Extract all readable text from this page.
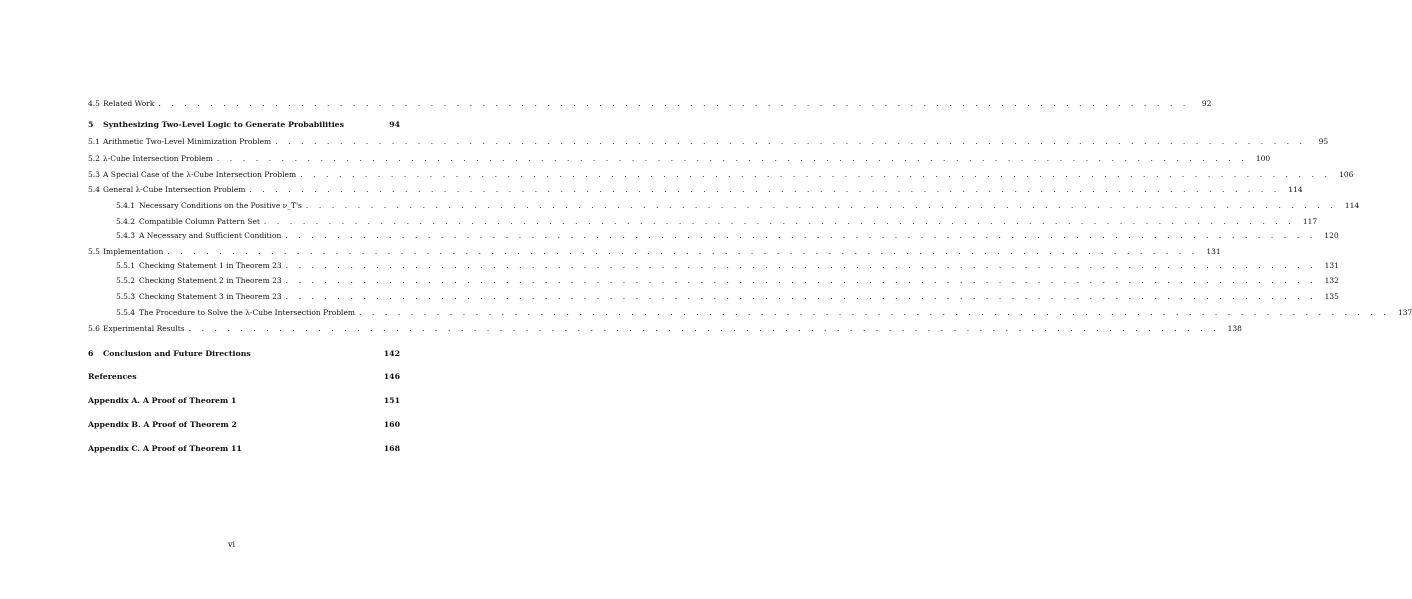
4.5 Related Work . . . . . . . . . . . . . . . . . . . . . . . . . . . . . . . . . . . . . . . . . . . . . . . . . . . . . . . . . . . . . . . . . . . . . . . . . . . . . . . .	92
5	Synthesizing Two-Level Logic to Generate Probabilities	94
5.1 Arithmetic Two-Level Minimization Problem . . . . . . . . . . . . . . . . . . . . . . . . . . . . . . . . . . . . . . . . . . . . . . . . . . . . . . . . . . . . . . . . . . . . . . . . . . . . . . . .	95
5.2 λ-Cube Intersection Problem . . . . . . . . . . . . . . . . . . . . . . . . . . . . . . . . . . . . . . . . . . . . . . . . . . . . . . . . . . . . . . . . . . . . . . . . . . . . . . . . 100
5.3 A Special Case of the λ-Cube Intersection Problem . . . . . . . . . . . . . . . . . . . . . . . . . . . . . . . . . . . . . . . . . . . . . . . . . . . . . . . . . . . . . . . . . . . . . . . . . . . . . . . . 106
5.4 General λ-Cube Intersection Problem . . . . . . . . . . . . . . . . . . . . . . . . . . . . . . . . . . . . . . . . . . . . . . . . . . . . . . . . . . . . . . . . . . . . . . . . . . . . . . . . 114
5.4.1 Necessary Conditions on the Positive ν_T's . . . . . . . . . . . . . . . . . . . . . . . . . . . . . . . . . . . . . . . . . . . . . . . . . . . . . . . . . . . . . . . . . . . . . . . . . . . . . . . . 114
5.4.2 Compatible Column Pattern Set . . . . . . . . . . . . . . . . . . . . . . . . . . . . . . . . . . . . . . . . . . . . . . . . . . . . . . . . . . . . . . . . . . . . . . . . . . . . . . . . 117
5.4.3 A Necessary and Sufficient Condition . . . . . . . . . . . . . . . . . . . . . . . . . . . . . . . . . . . . . . . . . . . . . . . . . . . . . . . . . . . . . . . . . . . . . . . . . . . . . . . . 120
5.5 Implementation . . . . . . . . . . . . . . . . . . . . . . . . . . . . . . . . . . . . . . . . . . . . . . . . . . . . . . . . . . . . . . . . . . . . . . . . . . . . . . . . 131
5.5.1 Checking Statement 1 in Theorem 23 . . . . . . . . . . . . . . . . . . . . . . . . . . . . . . . . . . . . . . . . . . . . . . . . . . . . . . . . . . . . . . . . . . . . . . . . . . . . . . . . 131
5.5.2 Checking Statement 2 in Theorem 23 . . . . . . . . . . . . . . . . . . . . . . . . . . . . . . . . . . . . . . . . . . . . . . . . . . . . . . . . . . . . . . . . . . . . . . . . . . . . . . . . 132
5.5.3 Checking Statement 3 in Theorem 23 . . . . . . . . . . . . . . . . . . . . . . . . . . . . . . . . . . . . . . . . . . . . . . . . . . . . . . . . . . . . . . . . . . . . . . . . . . . . . . . . 135
5.5.4 The Procedure to Solve the λ-Cube Intersection Problem . . . . . . . . . . . . . . . . . . . . . . . . . . . . . . . . . . . . . . . . . . . . . . . . . . . . . . . . . . . . . . . . . . . . . . . . . . . . . . . . 137
5.6 Experimental Results . . . . . . . . . . . . . . . . . . . . . . . . . . . . . . . . . . . . . . . . . . . . . . . . . . . . . . . . . . . . . . . . . . . . . . . . . . . . . . . . 138
6	Conclusion and Future Directions	142
References	146
Appendix A. A Proof of Theorem 1	151
Appendix B. A Proof of Theorem 2	160
Appendix C. A Proof of Theorem 11	168
vi
